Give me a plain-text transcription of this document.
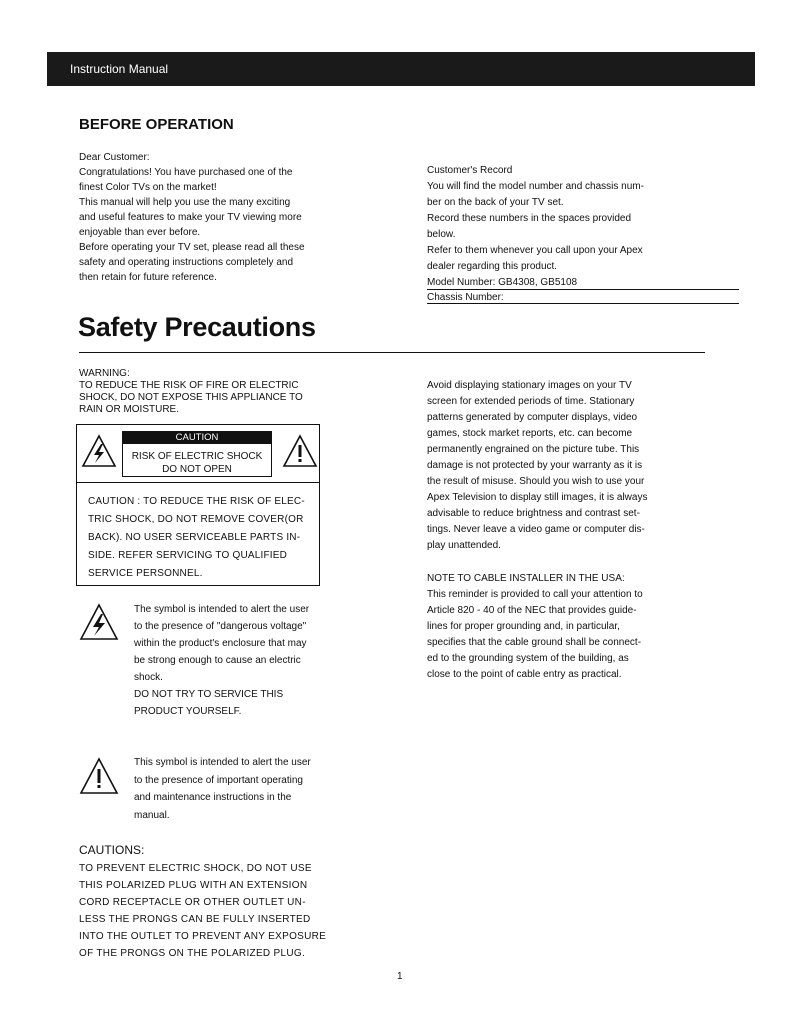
Instruction Manual
BEFORE OPERATION
Dear Customer:
Congratulations! You have purchased one of the
finest Color TVs on the market!
This manual will help you use the many exciting
and useful features to make your TV viewing more
enjoyable than ever before.
Before operating your TV set, please read all these
safety and operating instructions completely and
then retain for future reference.
Customer's Record
You will find the model number and chassis num-
ber on the back of your TV set.
Record these numbers in the spaces provided
below.
Refer to them whenever you call upon your Apex
dealer regarding this product.
Model Number: GB4308, GB5108
Chassis Number:
Safety Precautions
WARNING:
TO REDUCE THE RISK OF FIRE OR ELECTRIC
SHOCK, DO NOT EXPOSE THIS APPLIANCE TO
RAIN OR MOISTURE.
CAUTION
RISK OF ELECTRIC SHOCK
DO NOT OPEN
CAUTION : TO REDUCE THE RISK OF ELEC-
TRIC SHOCK, DO NOT REMOVE COVER(OR
BACK). NO USER SERVICEABLE PARTS IN-
SIDE. REFER SERVICING TO QUALIFIED
SERVICE PERSONNEL.
The symbol is intended to alert the user
to the presence of "dangerous voltage"
within the product's enclosure that may
be strong enough to cause an electric
shock.
DO NOT TRY TO SERVICE THIS
PRODUCT YOURSELF.
This symbol is intended to alert the user
to the presence of important operating
and maintenance instructions in the
manual.
CAUTIONS:
TO PREVENT ELECTRIC SHOCK, DO NOT USE
THIS POLARIZED PLUG WITH AN EXTENSION
CORD RECEPTACLE OR OTHER OUTLET UN-
LESS THE PRONGS CAN BE FULLY INSERTED
INTO THE OUTLET TO PREVENT ANY EXPOSURE
OF THE PRONGS ON THE POLARIZED PLUG.
Avoid displaying stationary images on your TV
screen for extended periods of time. Stationary
patterns generated by computer displays, video
games, stock market reports, etc. can become
permanently engrained on the picture tube. This
damage is not protected by your warranty as it is
the result of misuse. Should you wish to use your
Apex Television to display still images, it is always
advisable to reduce brightness and contrast set-
tings. Never leave a video game or computer dis-
play unattended.
NOTE TO CABLE INSTALLER IN THE USA:
This reminder is provided to call your attention to
Article 820 - 40 of the NEC that provides guide-
lines for proper grounding and, in particular,
specifies that the cable ground shall be connect-
ed to the grounding system of the building, as
close to the point of cable entry as practical.
1
